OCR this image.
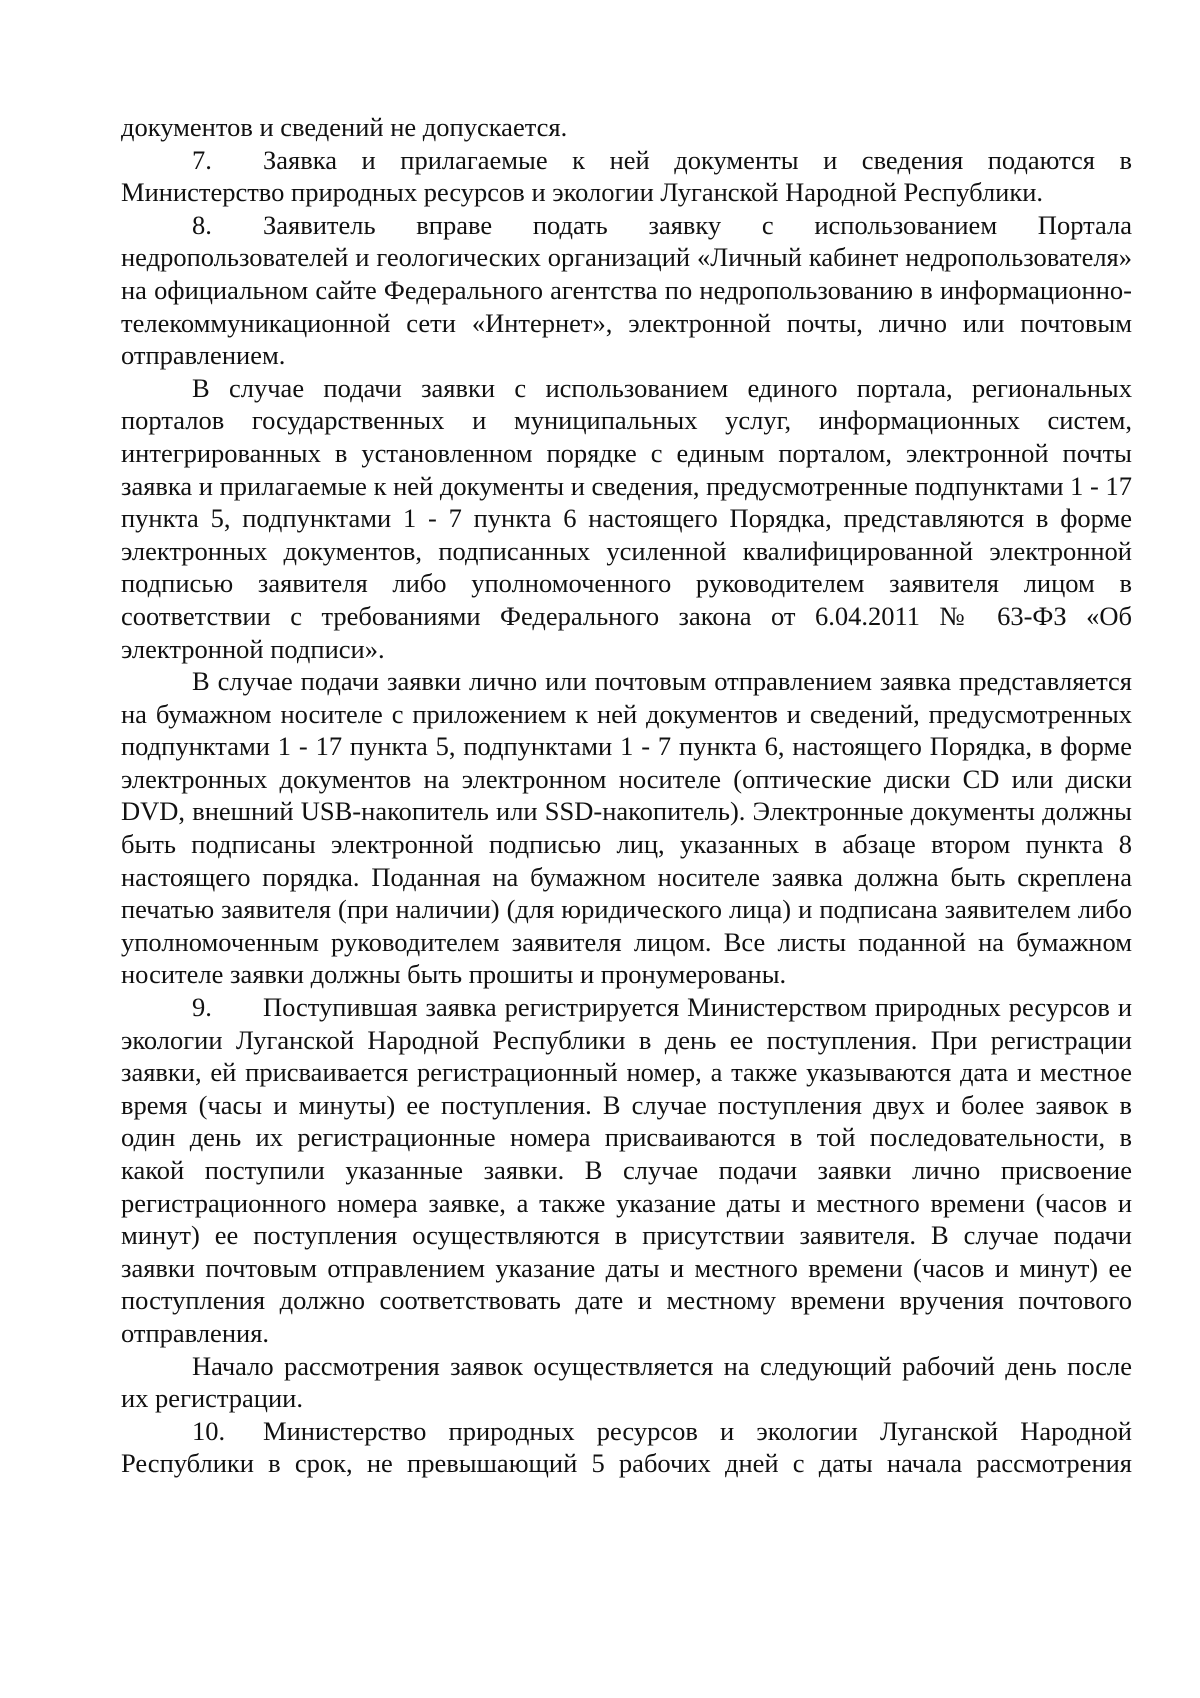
документов и сведений не допускается.

7. Заявка и прилагаемые к ней документы и сведения подаются в Министерство природных ресурсов и экологии Луганской Народной Республики.

8. Заявитель вправе подать заявку с использованием Портала недропользователей и геологических организаций «Личный кабинет недропользователя» на официальном сайте Федерального агентства по недропользованию в информационно-телекоммуникационной сети «Интернет», электронной почты, лично или почтовым отправлением.

В случае подачи заявки с использованием единого портала, региональных порталов государственных и муниципальных услуг, информационных систем, интегрированных в установленном порядке с единым порталом, электронной почты заявка и прилагаемые к ней документы и сведения, предусмотренные подпунктами 1 - 17 пункта 5, подпунктами 1 - 7 пункта 6 настоящего Порядка, представляются в форме электронных документов, подписанных усиленной квалифицированной электронной подписью заявителя либо уполномоченного руководителем заявителя лицом в соответствии с требованиями Федерального закона от 6.04.2011 № 63-ФЗ «Об электронной подписи».

В случае подачи заявки лично или почтовым отправлением заявка представляется на бумажном носителе с приложением к ней документов и сведений, предусмотренных подпунктами 1 - 17 пункта 5, подпунктами 1 - 7 пункта 6, настоящего Порядка, в форме электронных документов на электронном носителе (оптические диски CD или диски DVD, внешний USB-накопитель или SSD-накопитель). Электронные документы должны быть подписаны электронной подписью лиц, указанных в абзаце втором пункта 8 настоящего порядка. Поданная на бумажном носителе заявка должна быть скреплена печатью заявителя (при наличии) (для юридического лица) и подписана заявителем либо уполномоченным руководителем заявителя лицом. Все листы поданной на бумажном носителе заявки должны быть прошиты и пронумерованы.

9. Поступившая заявка регистрируется Министерством природных ресурсов и экологии Луганской Народной Республики в день ее поступления. При регистрации заявки, ей присваивается регистрационный номер, а также указываются дата и местное время (часы и минуты) ее поступления. В случае поступления двух и более заявок в один день их регистрационные номера присваиваются в той последовательности, в какой поступили указанные заявки. В случае подачи заявки лично присвоение регистрационного номера заявке, а также указание даты и местного времени (часов и минут) ее поступления осуществляются в присутствии заявителя. В случае подачи заявки почтовым отправлением указание даты и местного времени (часов и минут) ее поступления должно соответствовать дате и местному времени вручения почтового отправления.

Начало рассмотрения заявок осуществляется на следующий рабочий день после их регистрации.

10. Министерство природных ресурсов и экологии Луганской Народной Республики в срок, не превышающий 5 рабочих дней с даты начала рассмотрения
